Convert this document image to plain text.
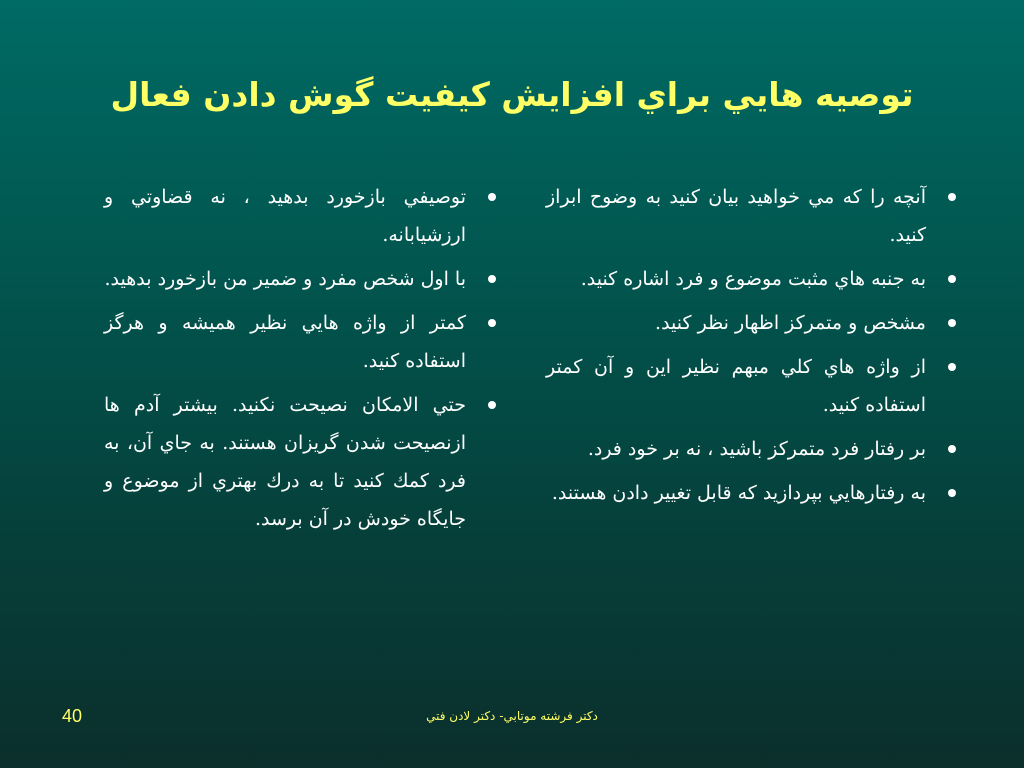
توصيه هايي براي افزايش كيفيت گوش دادن فعال
آنچه را كه مي خواهيد بيان كنيد به وضوح ابراز كنيد.
به جنبه هاي مثبت موضوع و فرد اشاره كنيد.
مشخص و متمركز اظهار نظر كنيد.
از واژه هاي كلي مبهم نظير اين و آن كمتر استفاده كنيد.
بر رفتار فرد متمركز باشيد ، نه بر خود فرد.
به رفتارهايي بپردازيد كه قابل تغيير دادن هستند.
توصيفي بازخورد بدهيد ، نه قضاوتي و ارزشيابانه.
با اول شخص مفرد و ضمير من بازخورد بدهيد.
كمتر از واژه هايي نظير هميشه و هرگز استفاده كنيد.
حتي الامكان نصيحت نكنيد. بيشتر آدم ها ازنصيحت شدن گريزان هستند. به جاي آن، به فرد كمك كنيد تا به درك بهتري از موضوع و جايگاه خودش در آن برسد.
40	دكتر فرشته موتابي- دكتر لادن فتي
